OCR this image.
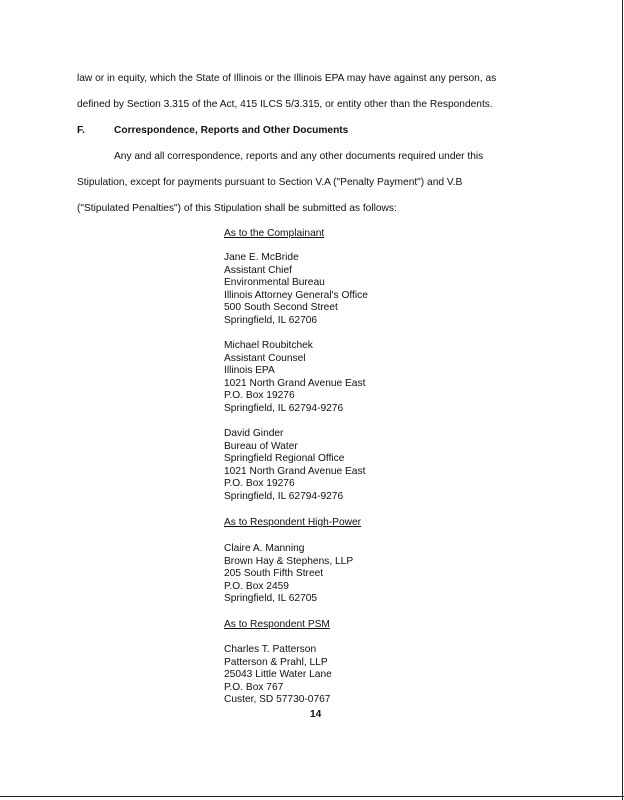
law or in equity, which the State of Illinois or the Illinois EPA may have against any person, as
defined by Section 3.315 of the Act, 415 ILCS 5/3.315, or entity other than the Respondents.
F.	Correspondence, Reports and Other Documents
Any and all correspondence, reports and any other documents required under this
Stipulation, except for payments pursuant to Section V.A ("Penalty Payment") and V.B
("Stipulated Penalties") of this Stipulation shall be submitted as follows:
As to the Complainant
Jane E. McBride
Assistant Chief
Environmental Bureau
Illinois Attorney General's Office
500 South Second Street
Springfield, IL 62706
Michael Roubitchek
Assistant Counsel
Illinois EPA
1021 North Grand Avenue East
P.O. Box 19276
Springfield, IL 62794-9276
David Ginder
Bureau of Water
Springfield Regional Office
1021 North Grand Avenue East
P.O. Box 19276
Springfield, IL 62794-9276
As to Respondent High-Power
Claire A. Manning
Brown Hay & Stephens, LLP
205 South Fifth Street
P.O. Box 2459
Springfield, IL 62705
As to Respondent PSM
Charles T. Patterson
Patterson & Prahl, LLP
25043 Little Water Lane
P.O. Box 767
Custer, SD 57730-0767
14
